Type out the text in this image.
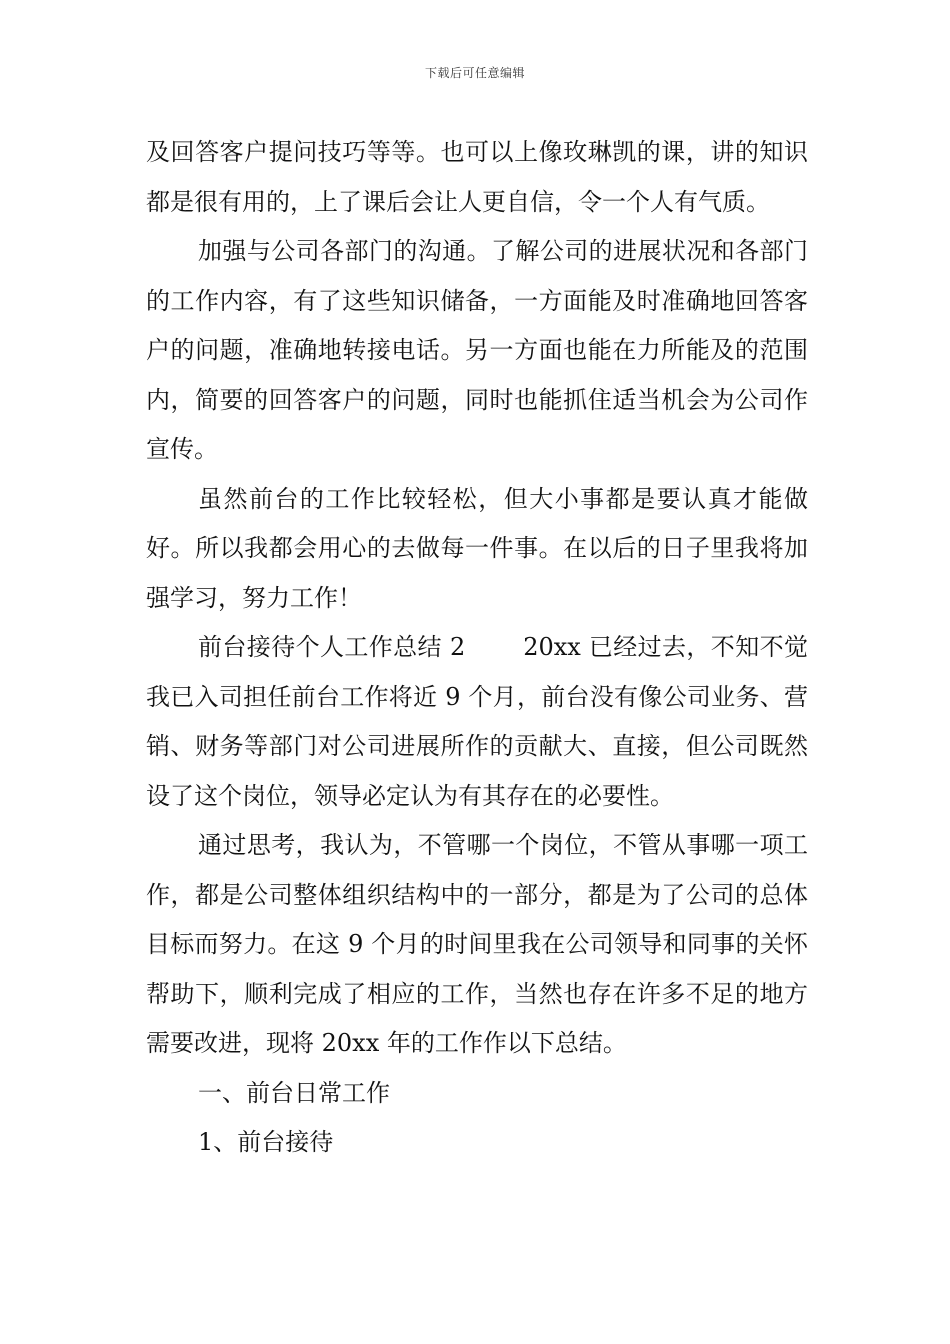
下载后可任意编辑

及回答客户提问技巧等等。也可以上像玫琳凯的课，讲的知识都是很有用的，上了课后会让人更自信，令一个人有气质。

加强与公司各部门的沟通。了解公司的进展状况和各部门的工作内容，有了这些知识储备，一方面能及时准确地回答客户的问题，准确地转接电话。另一方面也能在力所能及的范围内，简要的回答客户的问题，同时也能抓住适当机会为公司作宣传。

虽然前台的工作比较轻松，但大小事都是要认真才能做好。所以我都会用心的去做每一件事。在以后的日子里我将加强学习，努力工作！

前台接待个人工作总结 2 20xx 已经过去，不知不觉我已入司担任前台工作将近 9 个月，前台没有像公司业务、营销、财务等部门对公司进展所作的贡献大、直接，但公司既然设了这个岗位，领导必定认为有其存在的必要性。

通过思考，我认为，不管哪一个岗位，不管从事哪一项工作，都是公司整体组织结构中的一部分，都是为了公司的总体目标而努力。在这 9 个月的时间里我在公司领导和同事的关怀帮助下，顺利完成了相应的工作，当然也存在许多不足的地方需要改进，现将 20xx 年的工作作以下总结。

一、前台日常工作

1、前台接待
